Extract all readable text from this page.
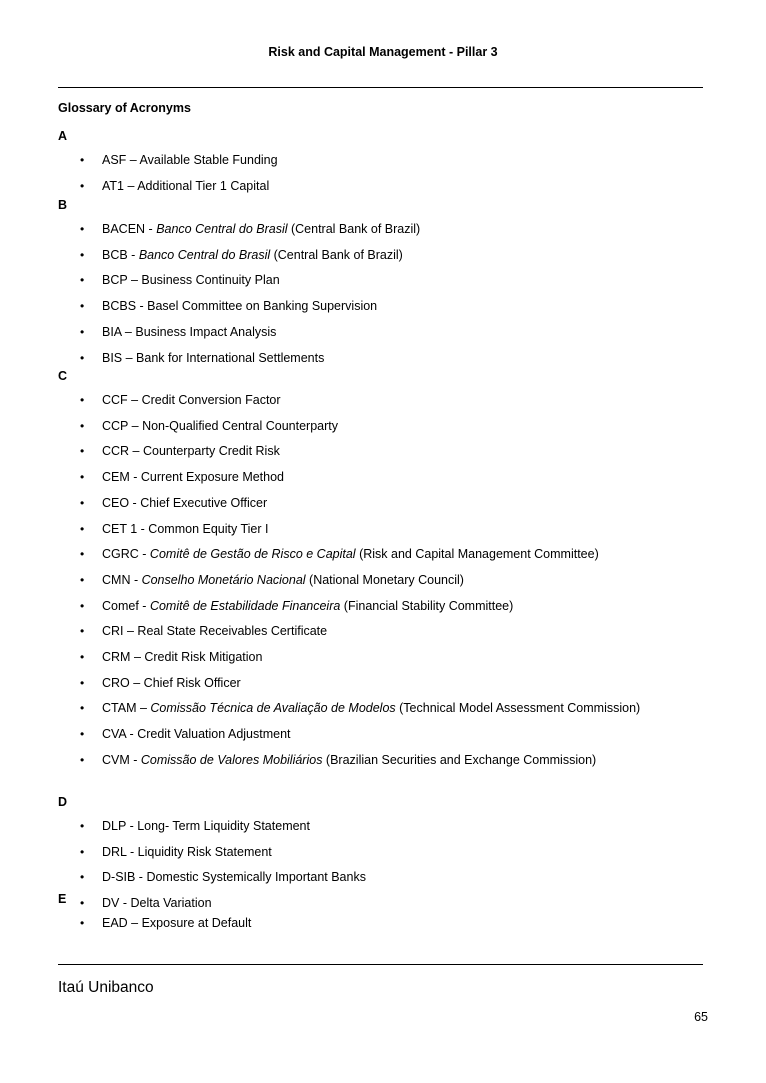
Risk and Capital Management - Pillar 3
Glossary of Acronyms
A
• ASF – Available Stable Funding
• AT1 – Additional Tier 1 Capital
B
• BACEN - Banco Central do Brasil (Central Bank of Brazil)
• BCB - Banco Central do Brasil (Central Bank of Brazil)
• BCP – Business Continuity Plan
• BCBS - Basel Committee on Banking Supervision
• BIA – Business Impact Analysis
• BIS – Bank for International Settlements
C
• CCF – Credit Conversion Factor
• CCP – Non-Qualified Central Counterparty
• CCR – Counterparty Credit Risk
• CEM - Current Exposure Method
• CEO - Chief Executive Officer
• CET 1 - Common Equity Tier I
• CGRC - Comitê de Gestão de Risco e Capital (Risk and Capital Management Committee)
• CMN - Conselho Monetário Nacional (National Monetary Council)
• Comef - Comitê de Estabilidade Financeira (Financial Stability Committee)
• CRI – Real State Receivables Certificate
• CRM – Credit Risk Mitigation
• CRO – Chief Risk Officer
• CTAM – Comissão Técnica de Avaliação de Modelos (Technical Model Assessment Commission)
• CVA - Credit Valuation Adjustment
• CVM - Comissão de Valores Mobiliários (Brazilian Securities and Exchange Commission)
D
• DLP - Long- Term Liquidity Statement
• DRL - Liquidity Risk Statement
• D-SIB - Domestic Systemically Important Banks
• DV - Delta Variation
E
• EAD – Exposure at Default
Itaú Unibanco
65
